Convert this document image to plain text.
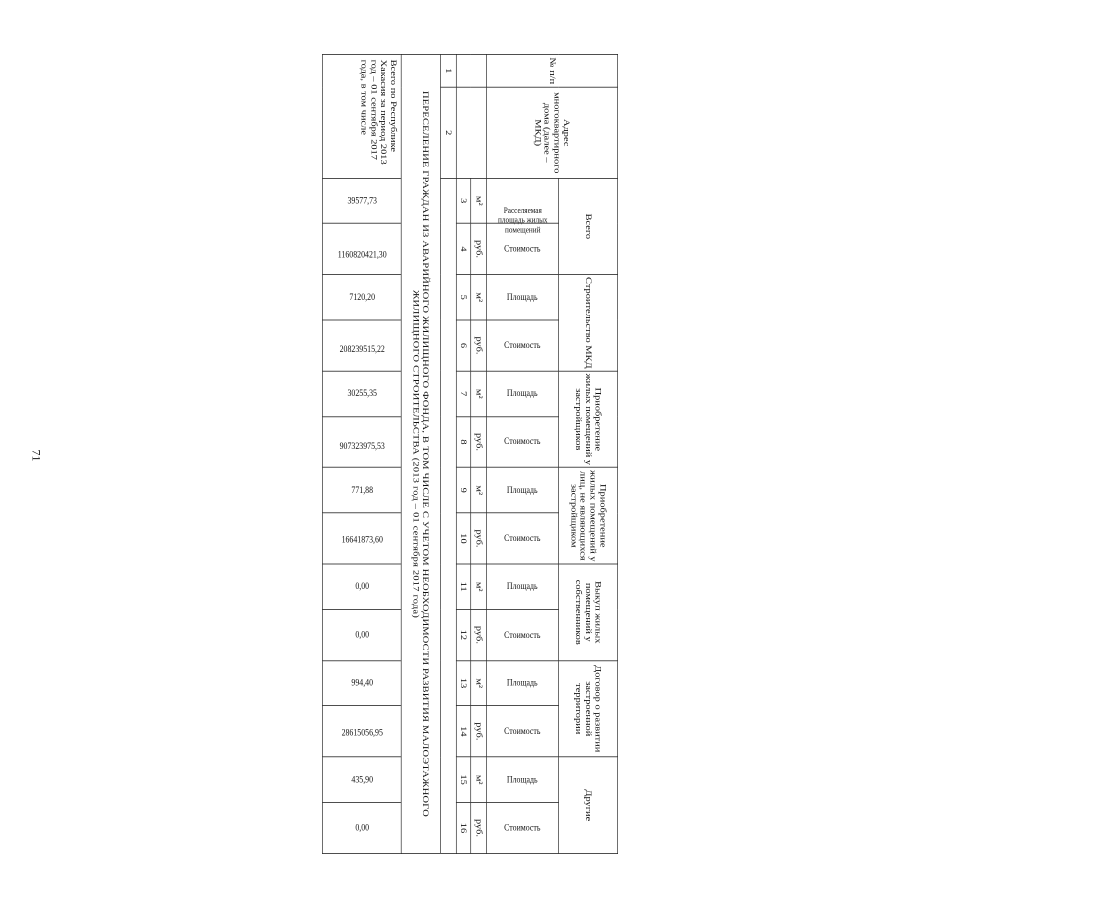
71
№ п/п	Адрес многоквартирного дома (далее – МКД)	Всего		Строительство МКД		Приобретение жилых помещений у застройщиков		Приобретение жилых помещений у лиц, не являющихся застройщиком		Выкуп жилых помещений у собственников		Договор о развитии застроенной территории		Другие	
		Расселяемая площадь жилых помещений	Стоимость	Площадь	Стоимость	Площадь	Стоимость	Площадь	Стоимость	Площадь	Стоимость	Площадь	Стоимость	Площадь	Стоимость
		м²	руб.	м²	руб.	м²	руб.	м²	руб.	м²	руб.	м²	руб.	м²	руб.
		3	4	5	6	7	8	9	10	11	12	13	14	15	16
1	2														
ПЕРЕСЕЛЕНИЕ ГРАЖДАН ИЗ АВАРИЙНОГО ЖИЛИЩНОГО ФОНДА, В ТОМ ЧИСЛЕ С УЧЕТОМ НЕОБХОДИМОСТИ РАЗВИТИЯ МАЛОЭТАЖНОГО ЖИЛИЩНОГО СТРОИТЕЛЬСТВА (2013 год – 01 сентября 2017 года)															
Всего по Республике Хакасия за период 2013 год – 01 сентября 2017 года, в том числе		39577,73	1160820421,30	7120,20	208239515,22	30255,35	907323975,53	771,88	16641873,60	0,00	0,00	994,40	28615056,95	435,90	0,00
